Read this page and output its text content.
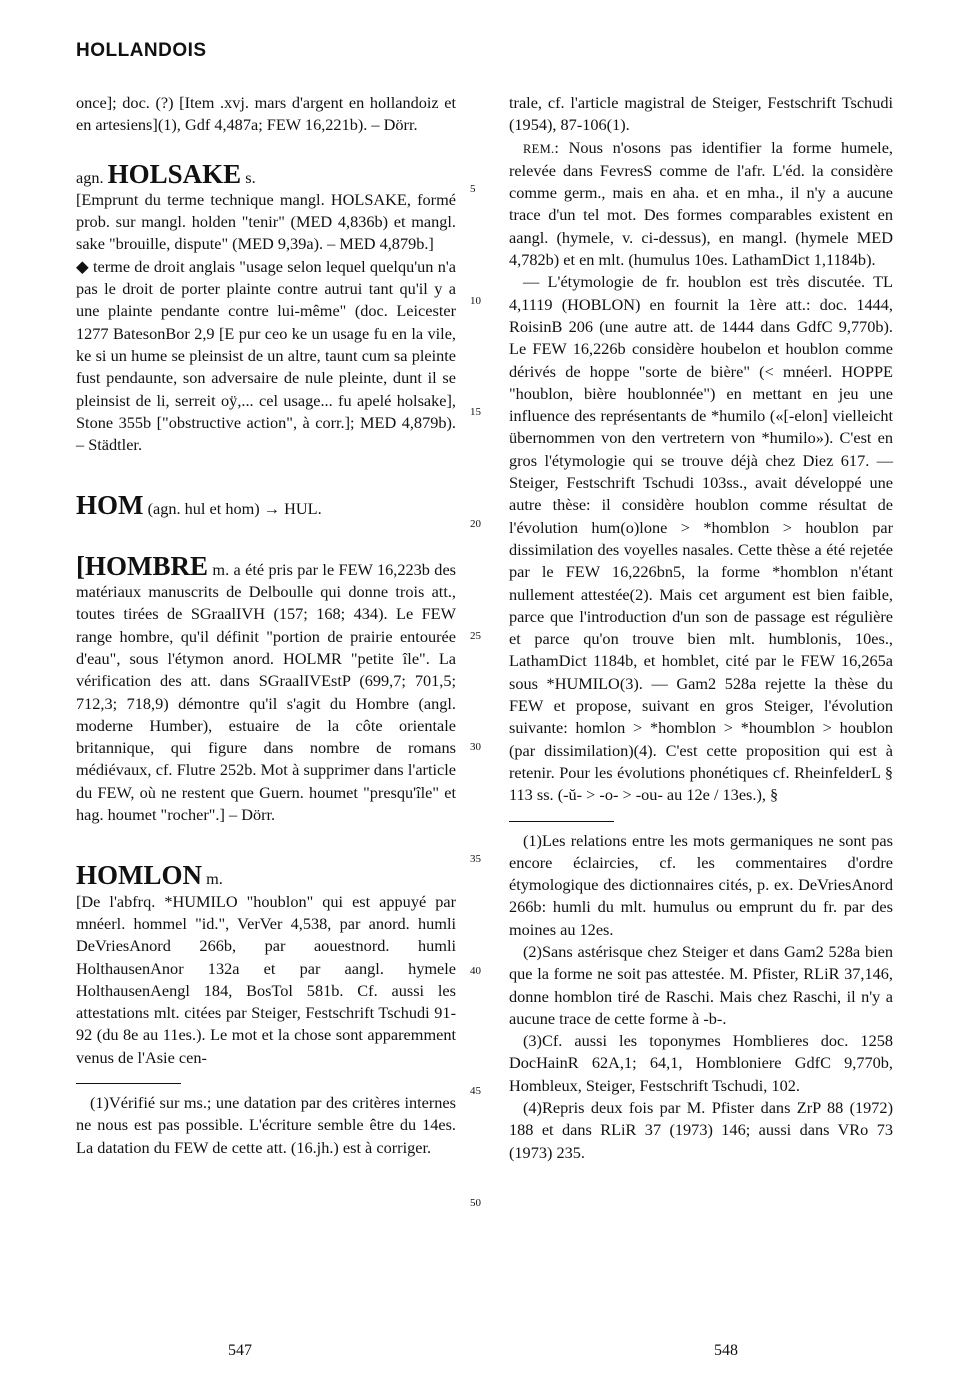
HOLLANDOIS

once]; doc. (?) [Item .xvj. mars d'argent en hollandoiz et en artesiens](1), Gdf 4,487a; FEW 16,221b). – Dörr.

agn. HOLSAKE s.

[Emprunt du terme technique mangl. HOLSAKE, formé prob. sur mangl. holden "tenir" (MED 4,836b) et mangl. sake "brouille, dispute" (MED 9,39a). – MED 4,879b.]

◆ terme de droit anglais "usage selon lequel quelqu'un n'a pas le droit de porter plainte contre autrui tant qu'il y a une plainte pendante contre lui-même" (doc. Leicester 1277 BatesonBor 2,9 [E pur ceo ke un usage fu en la vile, ke si un hume se pleinsist de un altre, taunt cum sa pleinte fust pendaunte, son adversaire de nule pleinte, dunt il se pleinsist de li, serreit oÿ,... cel usage... fu apelé holsake], Stone 355b ["obstructive action", à corr.]; MED 4,879b). – Städtler.

HOM (agn. hul et hom) → HUL.

[HOMBRE m. a été pris par le FEW 16,223b des matériaux manuscrits de Delboulle qui donne trois att., toutes tirées de SGraalIVH (157; 168; 434). Le FEW range hombre, qu'il définit "portion de prairie entourée d'eau", sous l'étymon anord. HOLMR "petite île". La vérification des att. dans SGraalIVEstP (699,7; 701,5; 712,3; 718,9) démontre qu'il s'agit du Hombre (angl. moderne Humber), estuaire de la côte orientale britannique, qui figure dans nombre de romans médiévaux, cf. Flutre 252b. Mot à supprimer dans l'article du FEW, où ne restent que Guern. houmet "presqu'île" et hag. houmet "rocher".] – Dörr.

HOMLON m.

[De l'abfrq. *HUMILO "houblon" qui est appuyé par mnéerl. hommel "id.", VerVer 4,538, par anord. humli DeVriesAnord 266b, par aouestnord. humli HolthausenAnor 132a et par aangl. hymele HolthausenAengl 184, BosTol 581b. Cf. aussi les attestations mlt. citées par Steiger, Festschrift Tschudi 91-92 (du 8e au 11es.). Le mot et la chose sont apparemment venus de l'Asie cen-

(1)Vérifié sur ms.; une datation par des critères internes ne nous est pas possible. L'écriture semble être du 14es. La datation du FEW de cette att. (16.jh.) est à corriger.

trale, cf. l'article magistral de Steiger, Festschrift Tschudi (1954), 87-106(1).

REM.: Nous n'osons pas identifier la forme humele, relevée dans FevresS comme de l'afr. L'éd. la considère comme germ., mais en aha. et en mha., il n'y a aucune trace d'un tel mot. Des formes comparables existent en aangl. (hymele, v. ci-dessus), en mangl. (hymele MED 4,782b) et en mlt. (humulus 10es. LathamDict 1,1184b).

— L'étymologie de fr. houblon est très discutée. TL 4,1119 (HOBLON) en fournit la 1ère att.: doc. 1444, RoisinB 206 (une autre att. de 1444 dans GdfC 9,770b). Le FEW 16,226b considère houbelon et houblon comme dérivés de hoppe "sorte de bière" (< mnéerl. HOPPE "houblon, bière houblonnée") en mettant en jeu une influence des représentants de *humilo («[-elon] vielleicht übernommen von den vertretern von *humilo»). C'est en gros l'étymologie qui se trouve déjà chez Diez 617. — Steiger, Festschrift Tschudi 103ss., avait développé une autre thèse: il considère houblon comme résultat de l'évolution hum(o)lone > *homblon > houblon par dissimilation des voyelles nasales. Cette thèse a été rejetée par le FEW 16,226bn5, la forme *homblon n'étant nullement attestée(2). Mais cet argument est bien faible, parce que l'introduction d'un son de passage est régulière et parce qu'on trouve bien mlt. humblonis, 10es., LathamDict 1184b, et homblet, cité par le FEW 16,265a sous *HUMILO(3). — Gam2 528a rejette la thèse du FEW et propose, suivant en gros Steiger, l'évolution suivante: homlon > *homblon > *houmblon > houblon (par dissimilation)(4). C'est cette proposition qui est à retenir. Pour les évolutions phonétiques cf. RheinfelderL § 113 ss. (-ŭ- > -o- > -ou- au 12e / 13es.), §

(1)Les relations entre les mots germaniques ne sont pas encore éclaircies, cf. les commentaires d'ordre étymologique des dictionnaires cités, p. ex. DeVriesAnord 266b: humli du mlt. humulus ou emprunt du fr. par des moines au 12es.

(2)Sans astérisque chez Steiger et dans Gam2 528a bien que la forme ne soit pas attestée. M. Pfister, RLiR 37,146, donne homblon tiré de Raschi. Mais chez Raschi, il n'y a aucune trace de cette forme à -b-.

(3)Cf. aussi les toponymes Homblieres doc. 1258 DocHainR 62A,1; 64,1, Hombloniere GdfC 9,770b, Hombleux, Steiger, Festschrift Tschudi, 102.

(4)Repris deux fois par M. Pfister dans ZrP 88 (1972) 188 et dans RLiR 37 (1973) 146; aussi dans VRo 73 (1973) 235.

5
10
15
20
25
30
35
40
45
50
547	548
